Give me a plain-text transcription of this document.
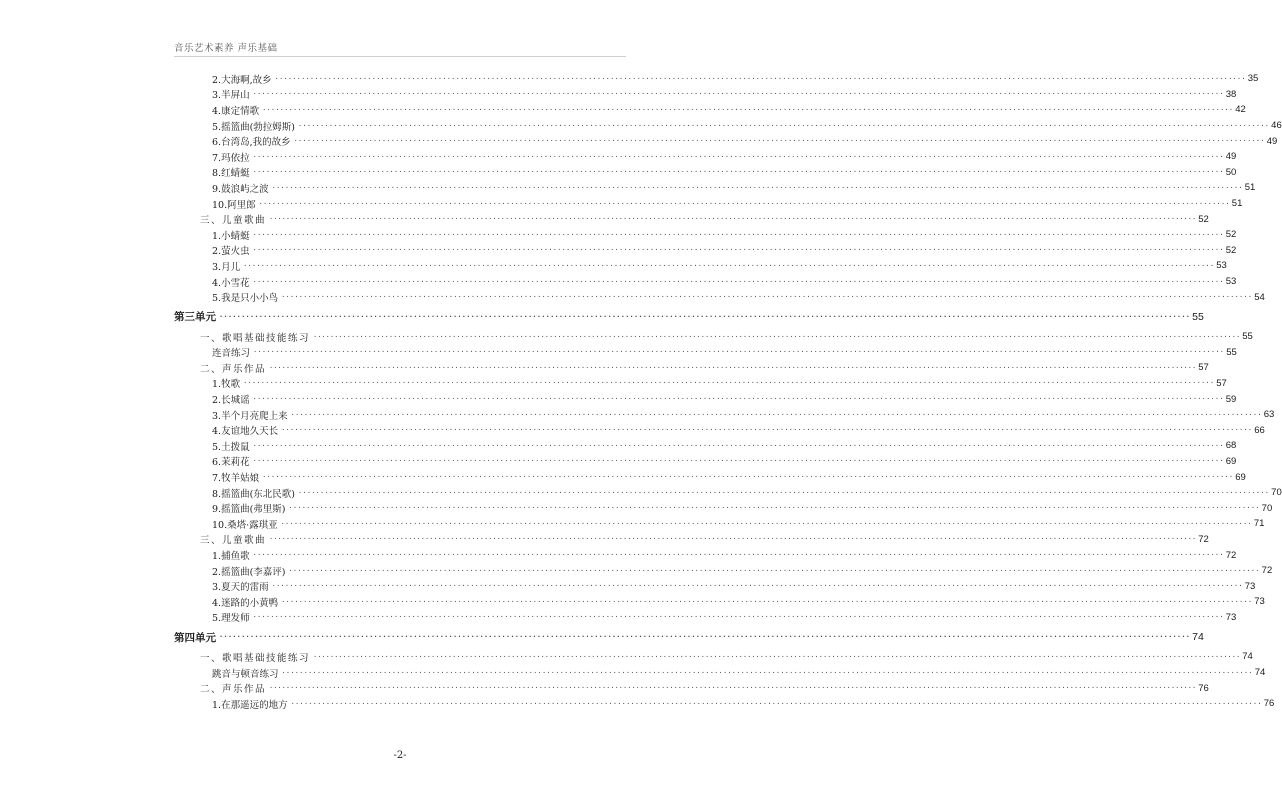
音乐艺术素养 声乐基础
2.大海啊,故乡 ···························································································································································································································· 35
3.半屏山 ···························································································································································································································· 38
4.康定情歌 ···························································································································································································································· 42
5.摇篮曲(勃拉姆斯) ···························································································································································································································· 46
6.台湾岛,我的故乡 ···························································································································································································································· 49
7.玛依拉 ···························································································································································································································· 49
8.红蜻蜓 ···························································································································································································································· 50
9.鼓浪屿之波 ···························································································································································································································· 51
10.阿里郎 ···························································································································································································································· 51
三、儿童歌曲 ···························································································································································································································· 52
1.小蜻蜓 ···························································································································································································································· 52
2.萤火虫 ···························································································································································································································· 52
3.月儿 ···························································································································································································································· 53
4.小雪花 ···························································································································································································································· 53
5.我是只小小鸟 ···························································································································································································································· 54
第三单元 ···························································································································································································································· 55
一、歌唱基础技能练习 ···························································································································································································································· 55
连音练习 ···························································································································································································································· 55
二、声乐作品 ···························································································································································································································· 57
1.牧歌 ···························································································································································································································· 57
2.长城谣 ···························································································································································································································· 59
3.半个月亮爬上来 ···························································································································································································································· 63
4.友谊地久天长 ···························································································································································································································· 66
5.土拨鼠 ···························································································································································································································· 68
6.茉莉花 ···························································································································································································································· 69
7.牧羊姑娘 ···························································································································································································································· 69
8.摇篮曲(东北民歌) ···························································································································································································································· 70
9.摇篮曲(弗里斯) ···························································································································································································································· 70
10.桑塔·露琪亚 ···························································································································································································································· 71
三、儿童歌曲 ···························································································································································································································· 72
1.捕鱼歌 ···························································································································································································································· 72
2.摇篮曲(李嘉评) ···························································································································································································································· 72
3.夏天的雷雨 ···························································································································································································································· 73
4.迷路的小黄鸭 ···························································································································································································································· 73
5.理发师 ···························································································································································································································· 73
第四单元 ···························································································································································································································· 74
一、歌唱基础技能练习 ···························································································································································································································· 74
跳音与顿音练习 ···························································································································································································································· 74
二、声乐作品 ···························································································································································································································· 76
1.在那遥远的地方 ···························································································································································································································· 76
-2-
